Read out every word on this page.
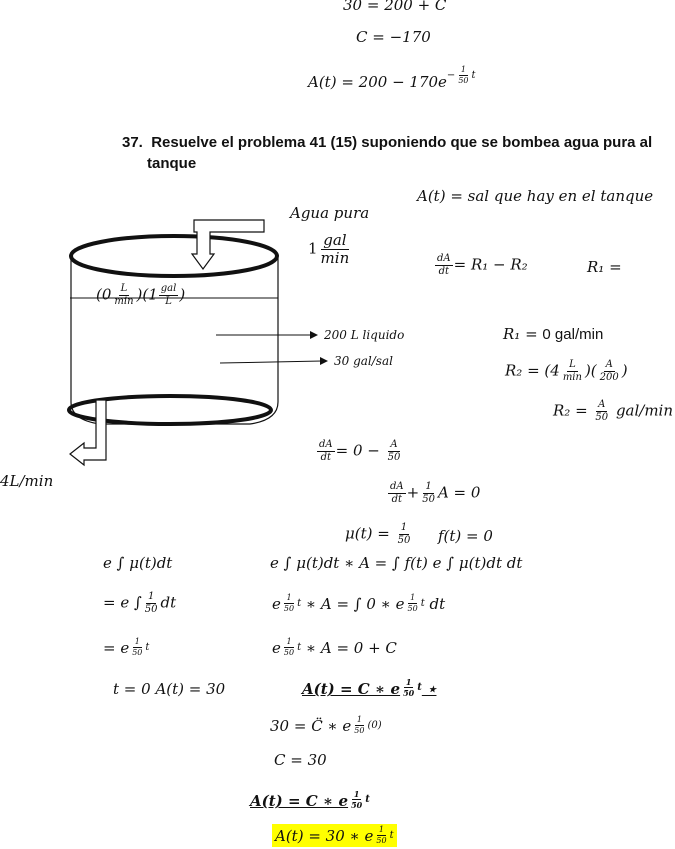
30 = 200 + C
C = −170
$A(t) = 200 - 170e - \frac{1}{50}$ t
37. Resuelve el problema 41 (15) suponiendo que se bombea agua pura al
tanque
Agua pura
$1 \frac{\text{gal}}{\min}$
$(0 \frac{L}{\min} )(1 \frac{\text{gal}}{L}$ )
200 L liquido
30 gal/sal
4L/min
A(t) = sal que hay en el tanque
$\frac{dA}{dt} = R_1 - R_2$	R₁ =
R₁ = 0 gal/min
$R_2 = (4 \frac{L}{\min}$ )( $\frac{A}{200}$ )
$R_2 = \frac{A}{50} gal/\min$
$\frac{dA}{dt} = 0 - \frac{A}{50}$
$\frac{dA}{dt} + \frac{1}{50}$ A = 0
$\mu(t) = \frac{1}{50} f(t) = 0$
e ∫ μ(t)dt	e ∫ μ(t)dt ∗ A = ∫ f(t) e ∫ μ(t)dt dt
= e ∫ $\frac{1}{50}$ dt	e $\frac{1}{50}$ t ∗ A = ∫ 0 ∗ e $\frac{1}{50}$ t dt
= e $\frac{1}{50}$ t	e $\frac{1}{50}$ t ∗ A = 0 + C
t = 0 A(t) = 30	A(t) = C ∗ e $\frac{1}{50}$ t ⋆
30 = C̈ ∗ e $\frac{1}{50} (0)$
C = 30
A(t) = C ∗ e $\frac{1}{50}$ t
A(t) = 30 ∗ e $\frac{1}{50}$ t
